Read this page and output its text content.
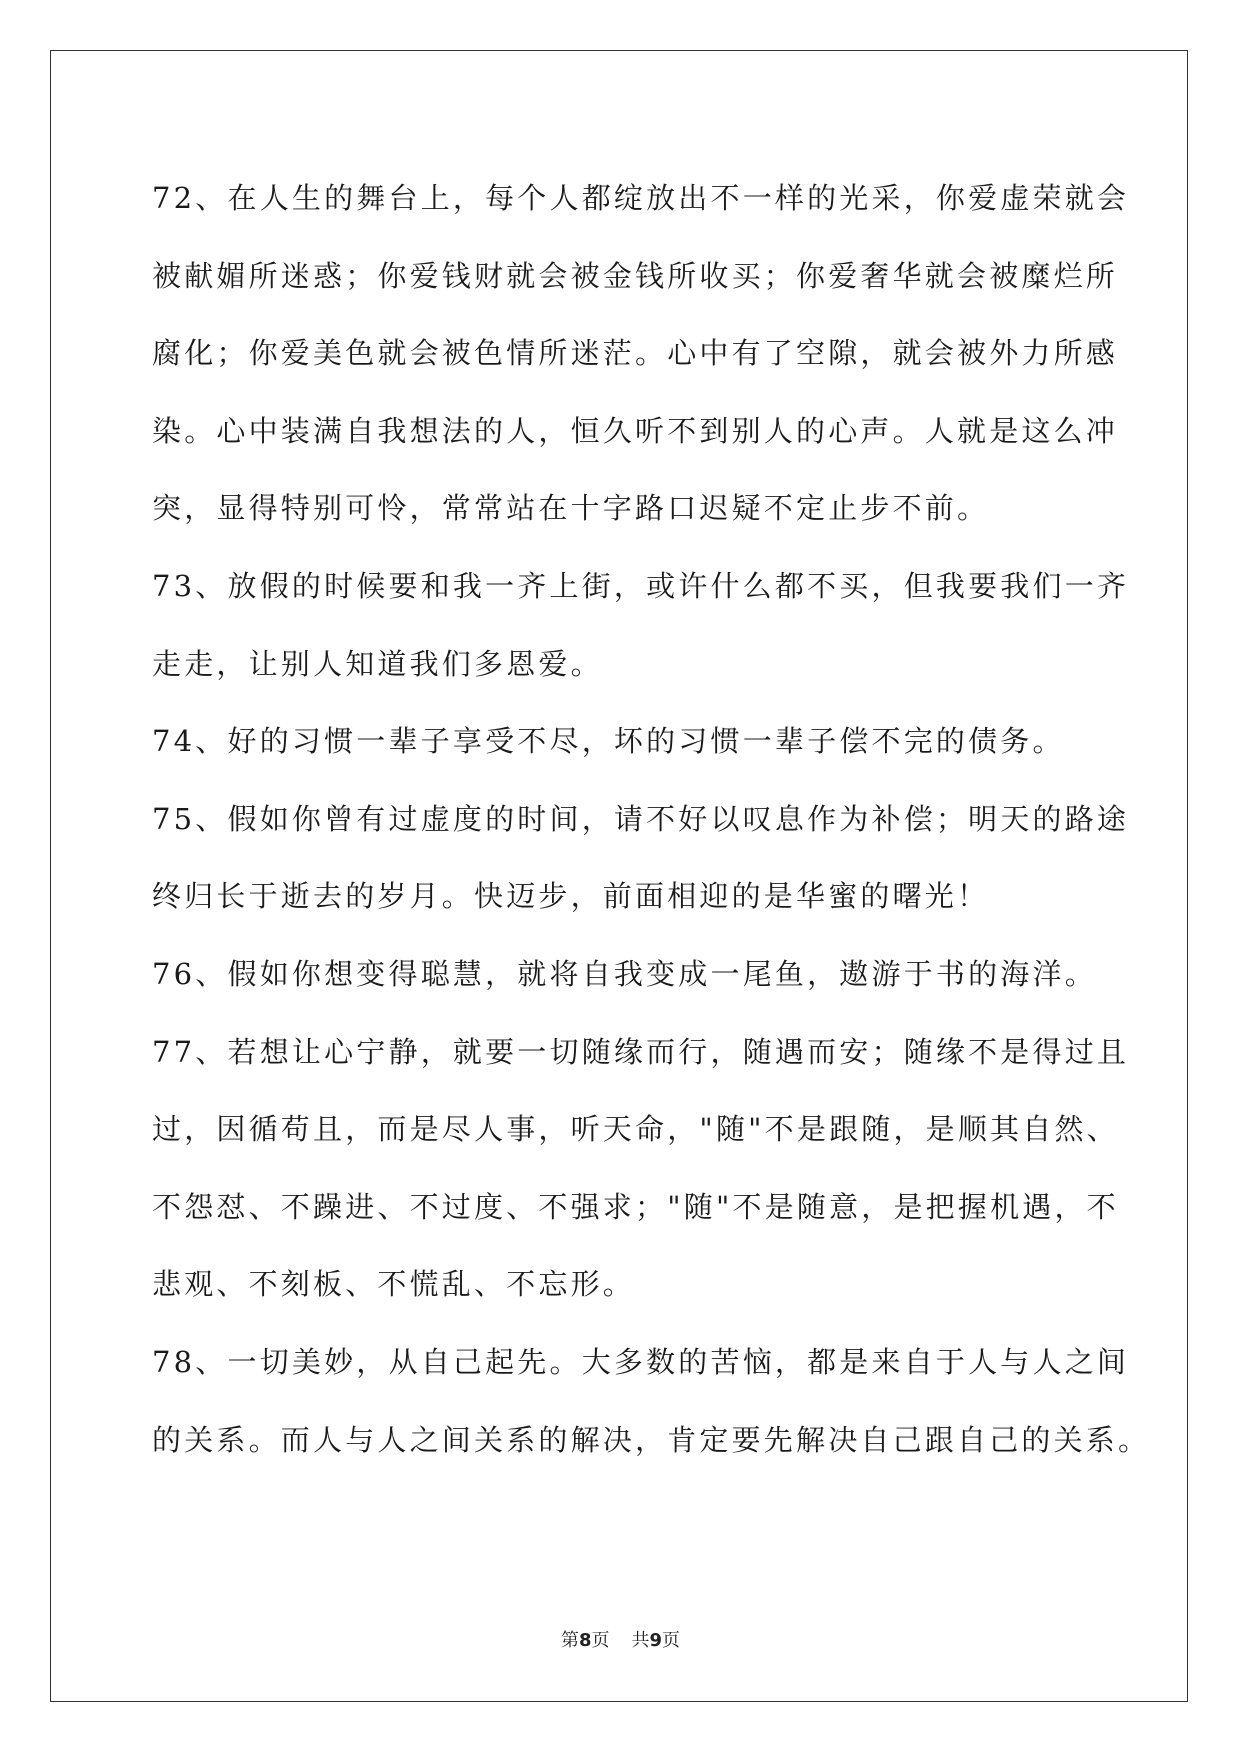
72、在人生的舞台上，每个人都绽放出不一样的光采，你爱虚荣就会
被献媚所迷惑；你爱钱财就会被金钱所收买；你爱奢华就会被糜烂所
腐化；你爱美色就会被色情所迷茫。心中有了空隙，就会被外力所感
染。心中装满自我想法的人，恒久听不到别人的心声。人就是这么冲
突，显得特别可怜，常常站在十字路口迟疑不定止步不前。
73、放假的时候要和我一齐上街，或许什么都不买，但我要我们一齐
走走，让别人知道我们多恩爱。
74、好的习惯一辈子享受不尽，坏的习惯一辈子偿不完的债务。
75、假如你曾有过虚度的时间，请不好以叹息作为补偿；明天的路途
终归长于逝去的岁月。快迈步，前面相迎的是华蜜的曙光！
76、假如你想变得聪慧，就将自我变成一尾鱼，遨游于书的海洋。
77、若想让心宁静，就要一切随缘而行，随遇而安；随缘不是得过且
过，因循苟且，而是尽人事，听天命，"随"不是跟随，是顺其自然、
不怨怼、不躁进、不过度、不强求；"随"不是随意，是把握机遇，不
悲观、不刻板、不慌乱、不忘形。
78、一切美妙，从自己起先。大多数的苦恼，都是来自于人与人之间
的关系。而人与人之间关系的解决，肯定要先解决自己跟自己的关系。
第8页 共9页
